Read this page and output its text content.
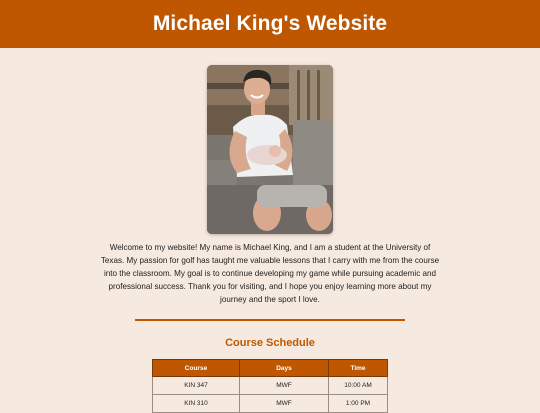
Michael King's Website

Welcome to my website! My name is Michael King, and I am a student at the University of Texas. My passion for golf has taught me valuable lessons that I carry with me from the course into the classroom. My goal is to continue developing my game while pursuing academic and professional success. Thank you for visiting, and I hope you enjoy learning more about my journey and the sport I love.

Course Schedule
Course	Days	Time
KIN 347	MWF	10:00 AM
KIN 310	MWF	1:00 PM
